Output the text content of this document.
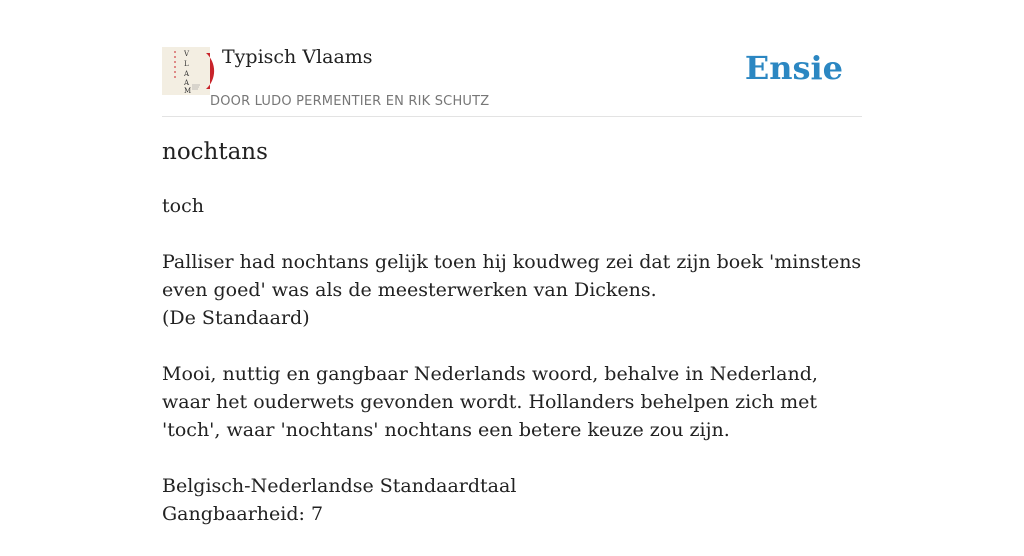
V
L
A
A
M
Typisch Vlaams
DOOR LUDO PERMENTIER EN RIK SCHUTZ
Ensie
nochtans

toch

Palliser had nochtans gelijk toen hij koudweg zei dat zijn boek 'minstens even goed' was als de meesterwerken van Dickens.
(De Standaard)

Mooi, nuttig en gangbaar Nederlands woord, behalve in Nederland, waar het ouderwets gevonden wordt. Hollanders behelpen zich met 'toch', waar 'nochtans' nochtans een betere keuze zou zijn.

Belgisch-Nederlandse Standaardtaal
Gangbaarheid: 7
